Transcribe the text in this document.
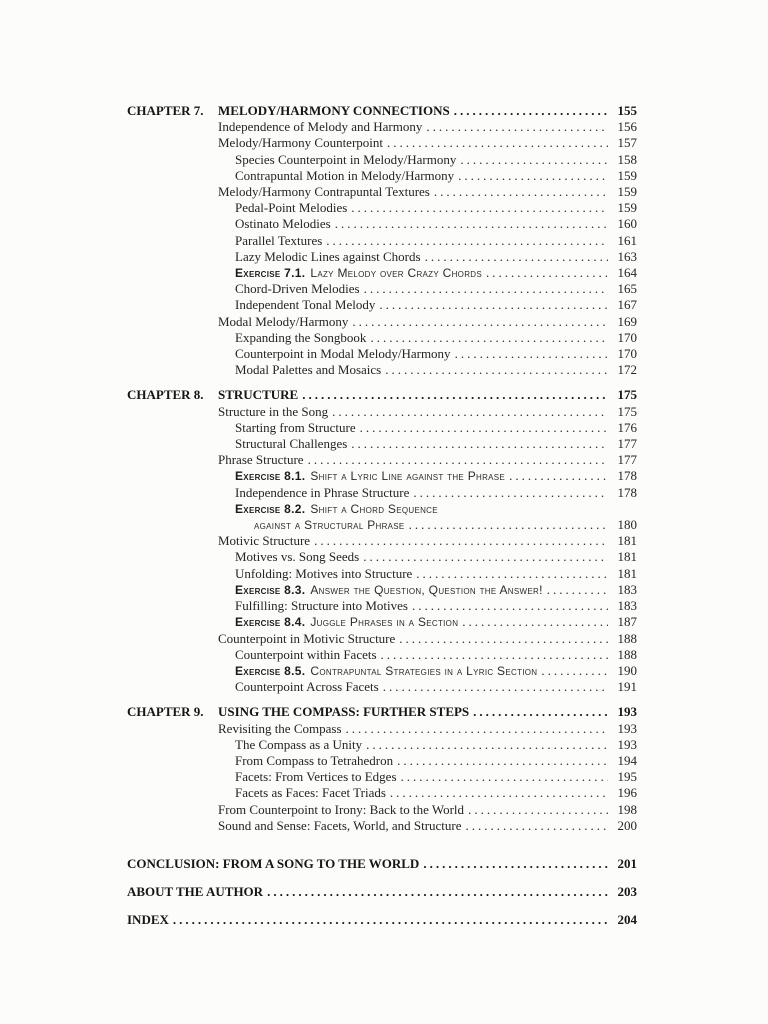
CHAPTER 7.	MELODY/HARMONY CONNECTIONS .....	155
Independence of Melody and Harmony .....	156
Melody/Harmony Counterpoint .....	157
Species Counterpoint in Melody/Harmony .....	158
Contrapuntal Motion in Melody/Harmony .....	159
Melody/Harmony Contrapuntal Textures .....	159
Pedal-Point Melodies .....	159
Ostinato Melodies .....	160
Parallel Textures .....	161
Lazy Melodic Lines against Chords .....	163
Exercise 7.1. Lazy Melody over Crazy Chords .....	164
Chord-Driven Melodies .....	165
Independent Tonal Melody .....	167
Modal Melody/Harmony .....	169
Expanding the Songbook .....	170
Counterpoint in Modal Melody/Harmony .....	170
Modal Palettes and Mosaics .....	172
CHAPTER 8.	STRUCTURE .....	175
Structure in the Song .....	175
Starting from Structure .....	176
Structural Challenges .....	177
Phrase Structure .....	177
Exercise 8.1. Shift a Lyric Line against the Phrase .....	178
Independence in Phrase Structure .....	178
Exercise 8.2. Shift a Chord Sequence
against a Structural Phrase .....	180
Motivic Structure .....	181
Motives vs. Song Seeds .....	181
Unfolding: Motives into Structure .....	181
Exercise 8.3. Answer the Question, Question the Answer! .....	183
Fulfilling: Structure into Motives .....	183
Exercise 8.4. Juggle Phrases in a Section .....	187
Counterpoint in Motivic Structure .....	188
Counterpoint within Facets .....	188
Exercise 8.5. Contrapuntal Strategies in a Lyric Section .....	190
Counterpoint Across Facets .....	191
CHAPTER 9.	USING THE COMPASS: FURTHER STEPS .....	193
Revisiting the Compass .....	193
The Compass as a Unity .....	193
From Compass to Tetrahedron .....	194
Facets: From Vertices to Edges .....	195
Facets as Faces: Facet Triads .....	196
From Counterpoint to Irony: Back to the World .....	198
Sound and Sense: Facets, World, and Structure .....	200
CONCLUSION: FROM A SONG TO THE WORLD .....	201
ABOUT THE AUTHOR .....	203
INDEX .....	204
